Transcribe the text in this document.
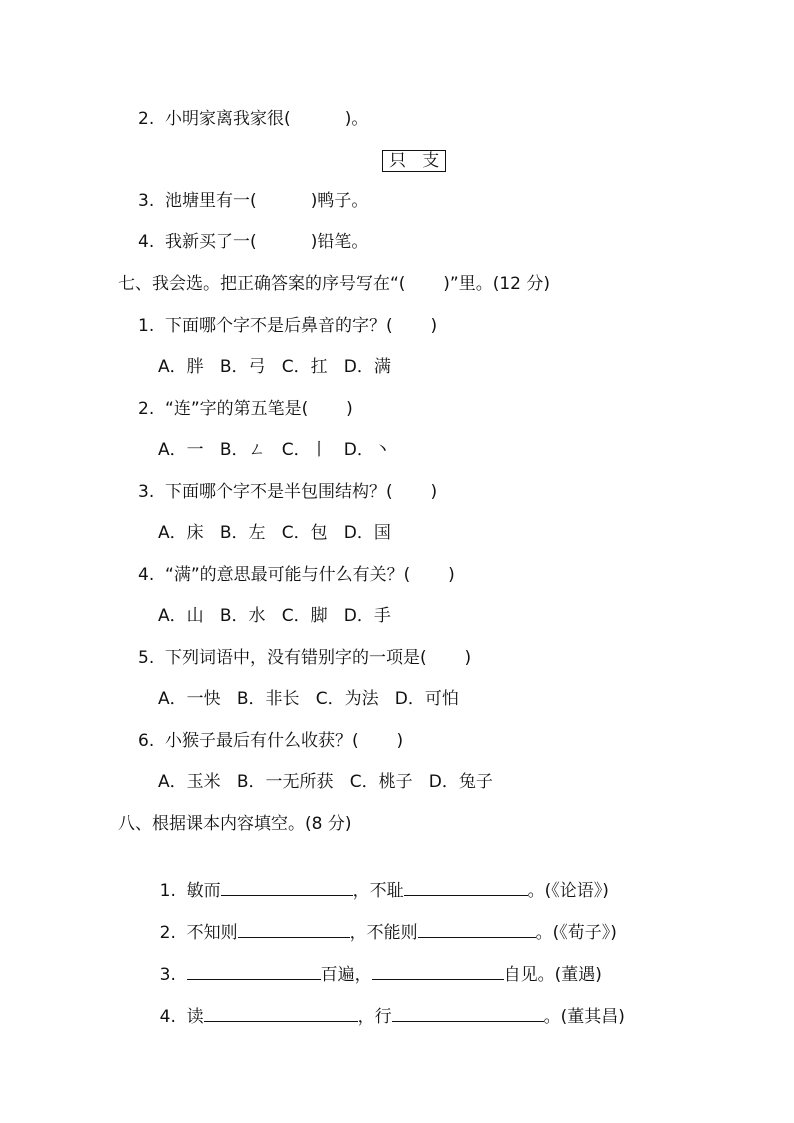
2.  小明家离我家很(          )。
只   支
3.  池塘里有一(          )鸭子。
4.  我新买了一(          )铅笔。
七、我会选。把正确答案的序号写在“(       )”里。(12 分)
1.  下面哪个字不是后鼻音的字？(       )
A．胖   B．弓   C．扛   D．满
2.  “连”字的第五笔是(       )
A．一   B．ㄥ   C．丨   D．丶
3.  下面哪个字不是半包围结构？(       )
A．床   B．左   C．包   D．国
4.  “满”的意思最可能与什么有关？(       )
A．山   B．水   C．脚   D．手
5.  下列词语中，没有错别字的一项是(       )
A．一快   B．非长   C．为法   D．可怕
6.  小猴子最后有什么收获？(       )
A．玉米   B．一无所获   C．桃子   D．兔子
八、根据课本内容填空。(8 分)

1. 敏而	，不耻	。(《论语》)

2. 不知则	，不能则	。(《荀子》)

3.	百遍，	自见。(董遇)

4. 读	，行	。(董其昌)
